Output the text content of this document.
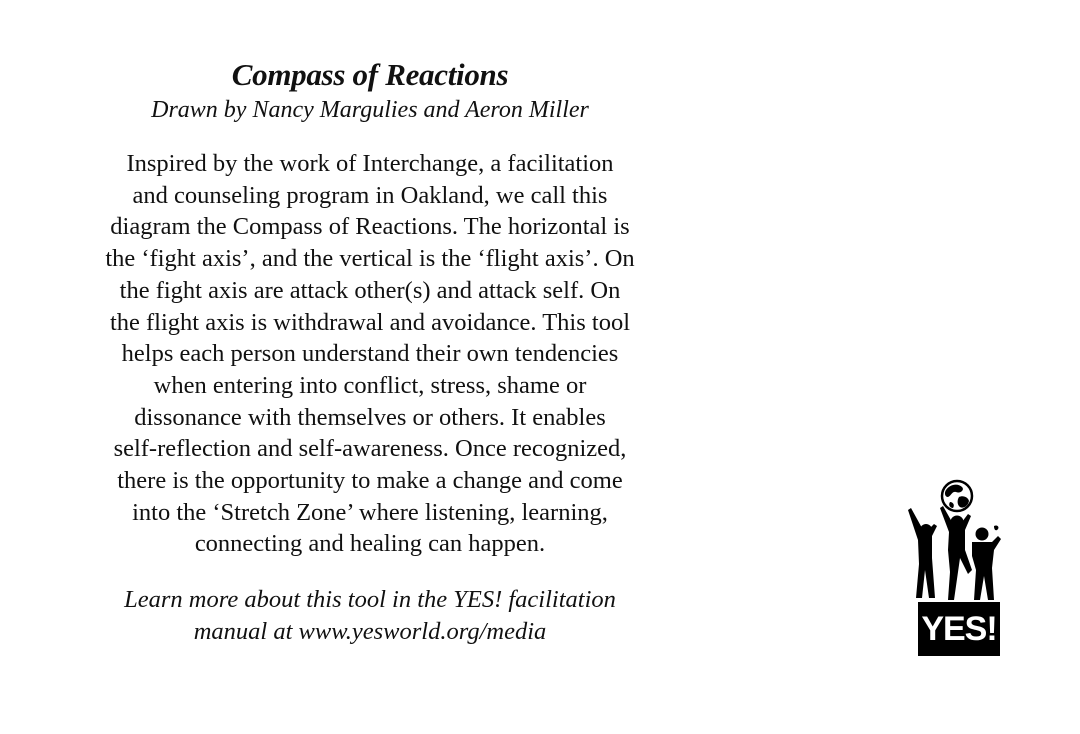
Compass of Reactions

Drawn by Nancy Margulies and Aeron Miller

Inspired by the work of Interchange, a facilitation
and counseling program in Oakland, we call this
diagram the Compass of Reactions. The horizontal is
the ‘fight axis’, and the vertical is the ‘flight axis’. On
the fight axis are attack other(s) and attack self. On
the flight axis is withdrawal and avoidance. This tool
helps each person understand their own tendencies
when entering into conflict, stress, shame or
dissonance with themselves or others. It enables
self-reflection and self-awareness. Once recognized,
there is the opportunity to make a change and come
into the ‘Stretch Zone’ where listening, learning,
connecting and healing can happen.

Learn more about this tool in the YES! facilitation
manual at www.yesworld.org/media	YES!
